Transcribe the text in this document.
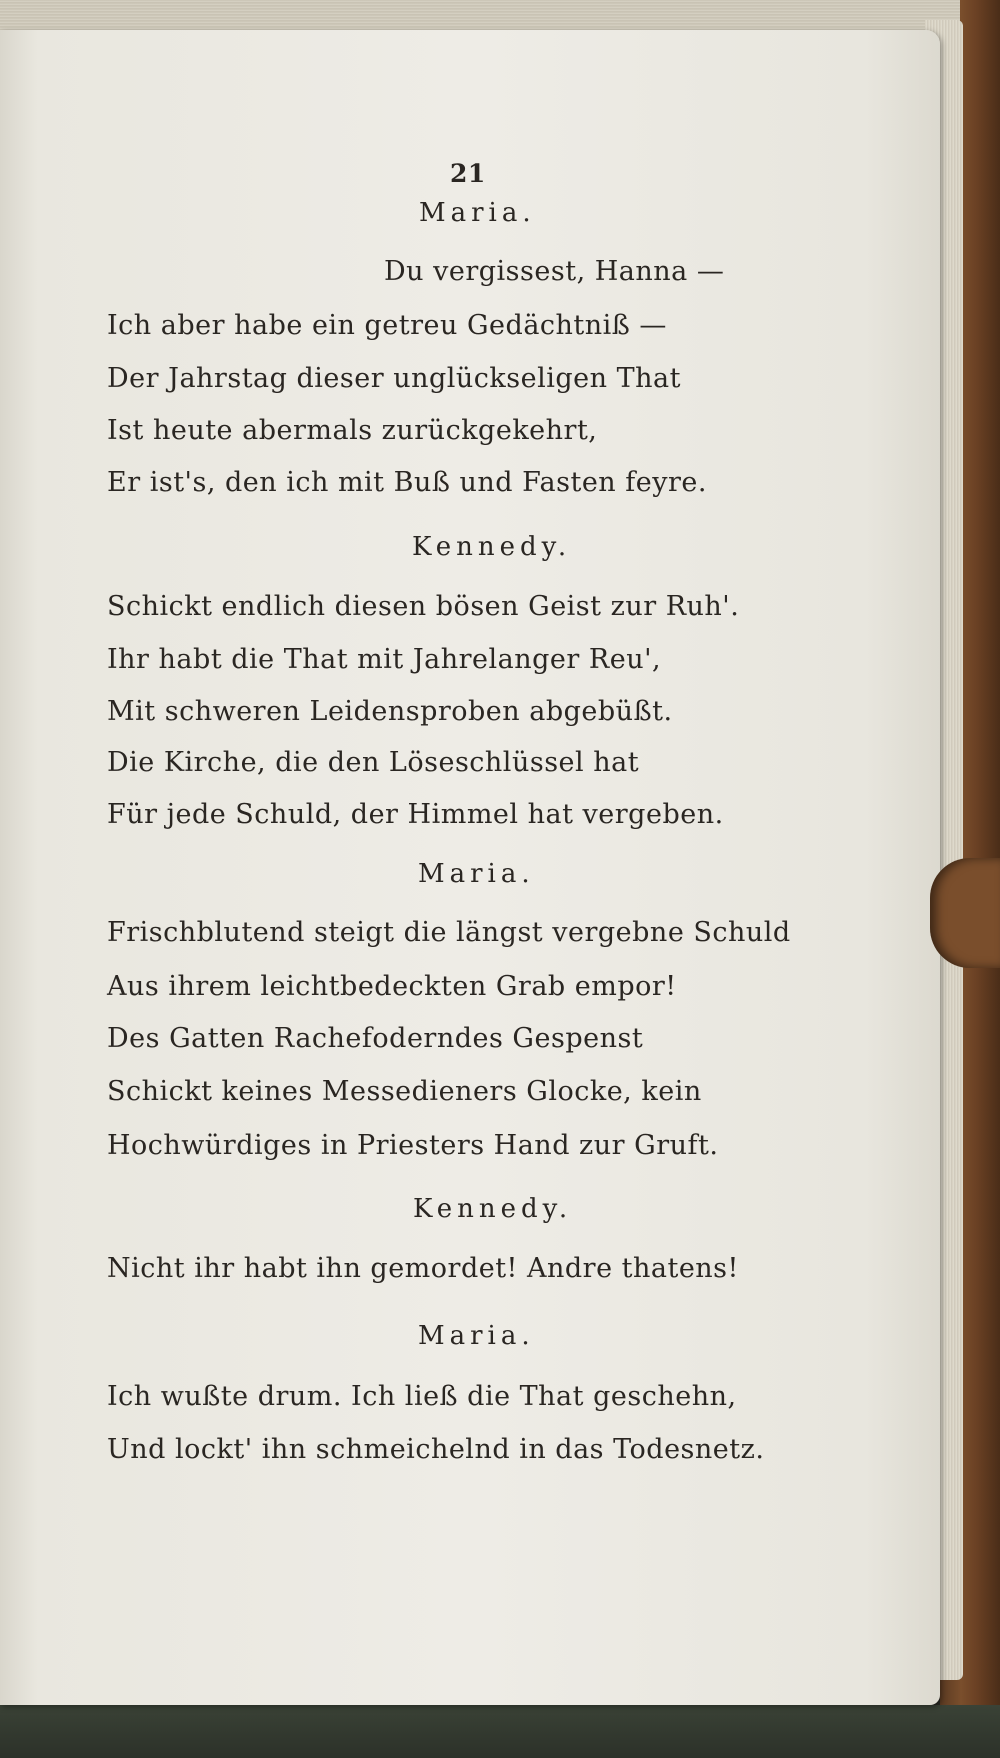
21
Maria.
Du vergissest, Hanna —
Ich aber habe ein getreu Gedächtniß —
Der Jahrstag dieser unglückseligen That
Ist heute abermals zurückgekehrt,
Er ist's, den ich mit Buß und Fasten feyre.
Kennedy.
Schickt endlich diesen bösen Geist zur Ruh'.
Ihr habt die That mit Jahrelanger Reu',
Mit schweren Leidensproben abgebüßt.
Die Kirche, die den Löseschlüssel hat
Für jede Schuld, der Himmel hat vergeben.
Maria.
Frischblutend steigt die längst vergebne Schuld
Aus ihrem leichtbedeckten Grab empor!
Des Gatten Rachefoderndes Gespenst
Schickt keines Messedieners Glocke, kein
Hochwürdiges in Priesters Hand zur Gruft.
Kennedy.
Nicht ihr habt ihn gemordet! Andre thatens!
Maria.
Ich wußte drum. Ich ließ die That geschehn,
Und lockt' ihn schmeichelnd in das Todesnetz.
